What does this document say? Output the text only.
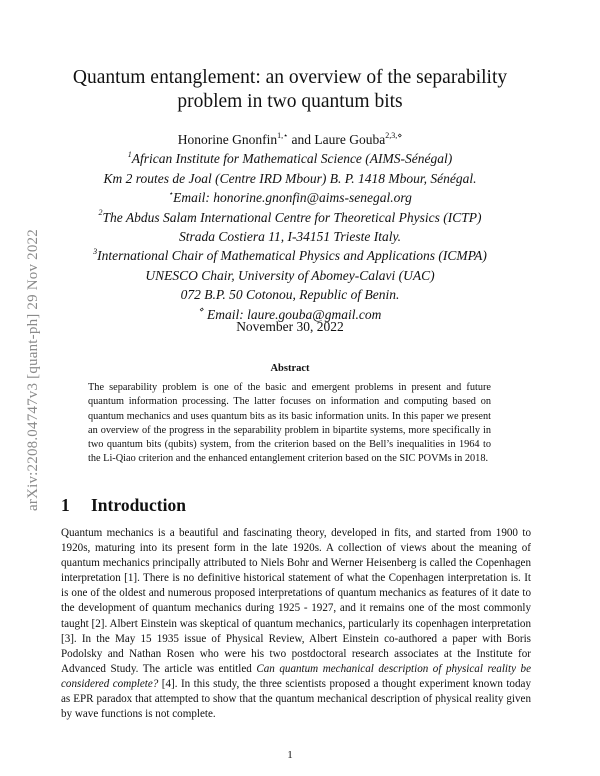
arXiv:2208.04747v3 [quant-ph] 29 Nov 2022
Quantum entanglement: an overview of the separability
problem in two quantum bits
Honorine Gnonfin$^{1,⋆}$ and Laure Gouba$^{2,3,⋄}$
$^1$African Institute for Mathematical Science (AIMS-Sénégal)
Km 2 routes de Joal (Centre IRD Mbour) B. P. 1418 Mbour, Sénégal.
⋆Email: honorine.gnonfin@aims-senegal.org
$^2$The Abdus Salam International Centre for Theoretical Physics (ICTP)
Strada Costiera 11, I-34151 Trieste Italy.
$^3$International Chair of Mathematical Physics and Applications (ICMPA)
UNESCO Chair, University of Abomey-Calavi (UAC)
072 B.P. 50 Cotonou, Republic of Benin.
⋄ Email: laure.gouba@gmail.com
November 30, 2022
Abstract
The separability problem is one of the basic and emergent problems in present and future quantum information processing. The latter focuses on information and computing based on quantum mechanics and uses quantum bits as its basic information units. In this paper we present an overview of the progress in the separability problem in bipartite systems, more specifically in two quantum bits (qubits) system, from the criterion based on the Bell’s inequalities in 1964 to the Li-Qiao criterion and the enhanced entanglement criterion based on the SIC POVMs in 2018.
1 Introduction
Quantum mechanics is a beautiful and fascinating theory, developed in fits, and started from 1900 to 1920s, maturing into its present form in the late 1920s. A collection of views about the meaning of quantum mechanics principally attributed to Niels Bohr and Werner Heisenberg is called the Copenhagen interpretation [1]. There is no definitive historical statement of what the Copenhagen interpretation is. It is one of the oldest and numerous proposed interpretations of quantum mechanics as features of it date to the development of quantum mechanics during 1925 - 1927, and it remains one of the most commonly taught [2]. Albert Einstein was skeptical of quantum mechanics, particularly its copenhagen interpretation [3]. In the May 15 1935 issue of Physical Review, Albert Einstein co-authored a paper with Boris Podolsky and Nathan Rosen who were his two postdoctoral research associates at the Institute for Advanced Study. The article was entitled Can quantum mechanical description of physical reality be considered complete? [4]. In this study, the three scientists proposed a thought experiment known today as EPR paradox that attempted to show that the quantum mechanical description of physical reality given by wave functions is not complete.
1
